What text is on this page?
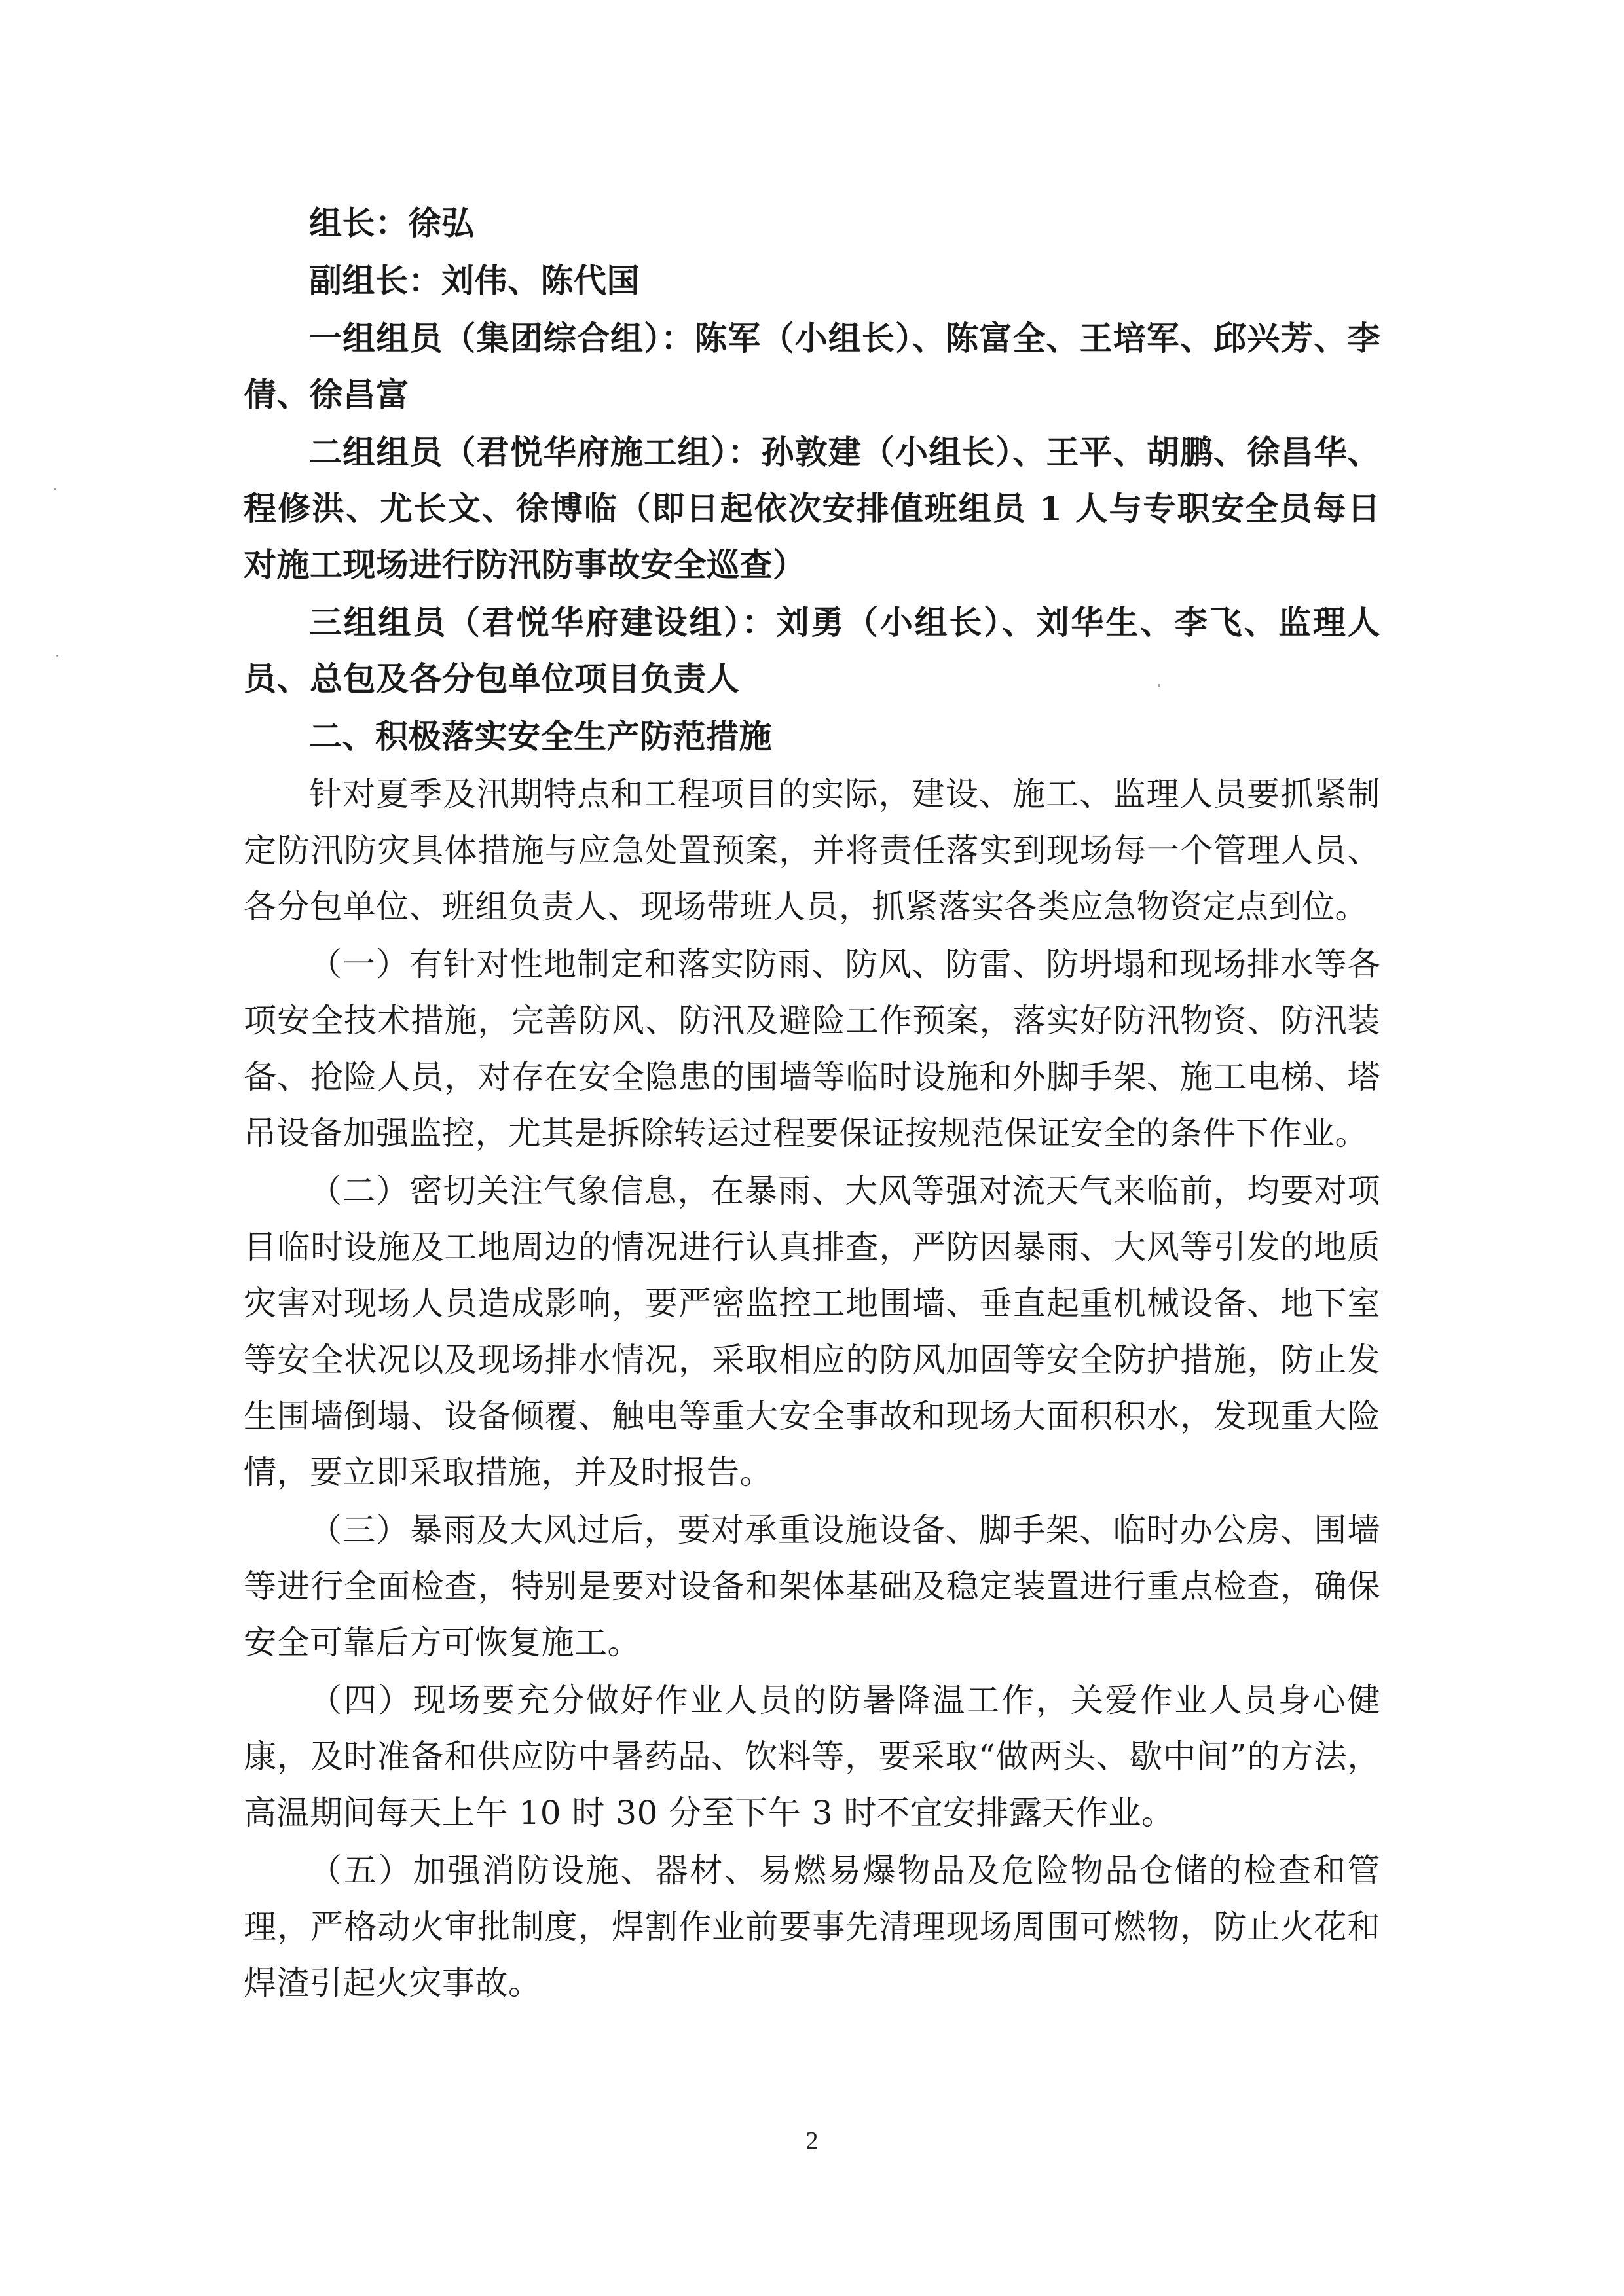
组长：徐弘

副组长：刘伟、陈代国

一组组员（集团综合组）：陈军（小组长）、陈富全、王培军、邱兴芳、李倩、徐昌富

二组组员（君悦华府施工组）：孙敦建（小组长）、王平、胡鹏、徐昌华、程修洪、尤长文、徐博临（即日起依次安排值班组员 1 人与专职安全员每日对施工现场进行防汛防事故安全巡查）

三组组员（君悦华府建设组）：刘勇（小组长）、刘华生、李飞、监理人员、总包及各分包单位项目负责人

二、积极落实安全生产防范措施

针对夏季及汛期特点和工程项目的实际，建设、施工、监理人员要抓紧制定防汛防灾具体措施与应急处置预案，并将责任落实到现场每一个管理人员、各分包单位、班组负责人、现场带班人员，抓紧落实各类应急物资定点到位。

（一）有针对性地制定和落实防雨、防风、防雷、防坍塌和现场排水等各项安全技术措施，完善防风、防汛及避险工作预案，落实好防汛物资、防汛装备、抢险人员，对存在安全隐患的围墙等临时设施和外脚手架、施工电梯、塔吊设备加强监控，尤其是拆除转运过程要保证按规范保证安全的条件下作业。

（二）密切关注气象信息，在暴雨、大风等强对流天气来临前，均要对项目临时设施及工地周边的情况进行认真排查，严防因暴雨、大风等引发的地质灾害对现场人员造成影响，要严密监控工地围墙、垂直起重机械设备、地下室等安全状况以及现场排水情况，采取相应的防风加固等安全防护措施，防止发生围墙倒塌、设备倾覆、触电等重大安全事故和现场大面积积水，发现重大险情，要立即采取措施，并及时报告。

（三）暴雨及大风过后，要对承重设施设备、脚手架、临时办公房、围墙等进行全面检查，特别是要对设备和架体基础及稳定装置进行重点检查，确保安全可靠后方可恢复施工。

（四）现场要充分做好作业人员的防暑降温工作，关爱作业人员身心健康，及时准备和供应防中暑药品、饮料等，要采取“做两头、歇中间”的方法，高温期间每天上午 10 时 30 分至下午 3 时不宜安排露天作业。

（五）加强消防设施、器材、易燃易爆物品及危险物品仓储的检查和管理，严格动火审批制度，焊割作业前要事先清理现场周围可燃物，防止火花和焊渣引起火灾事故。

2
